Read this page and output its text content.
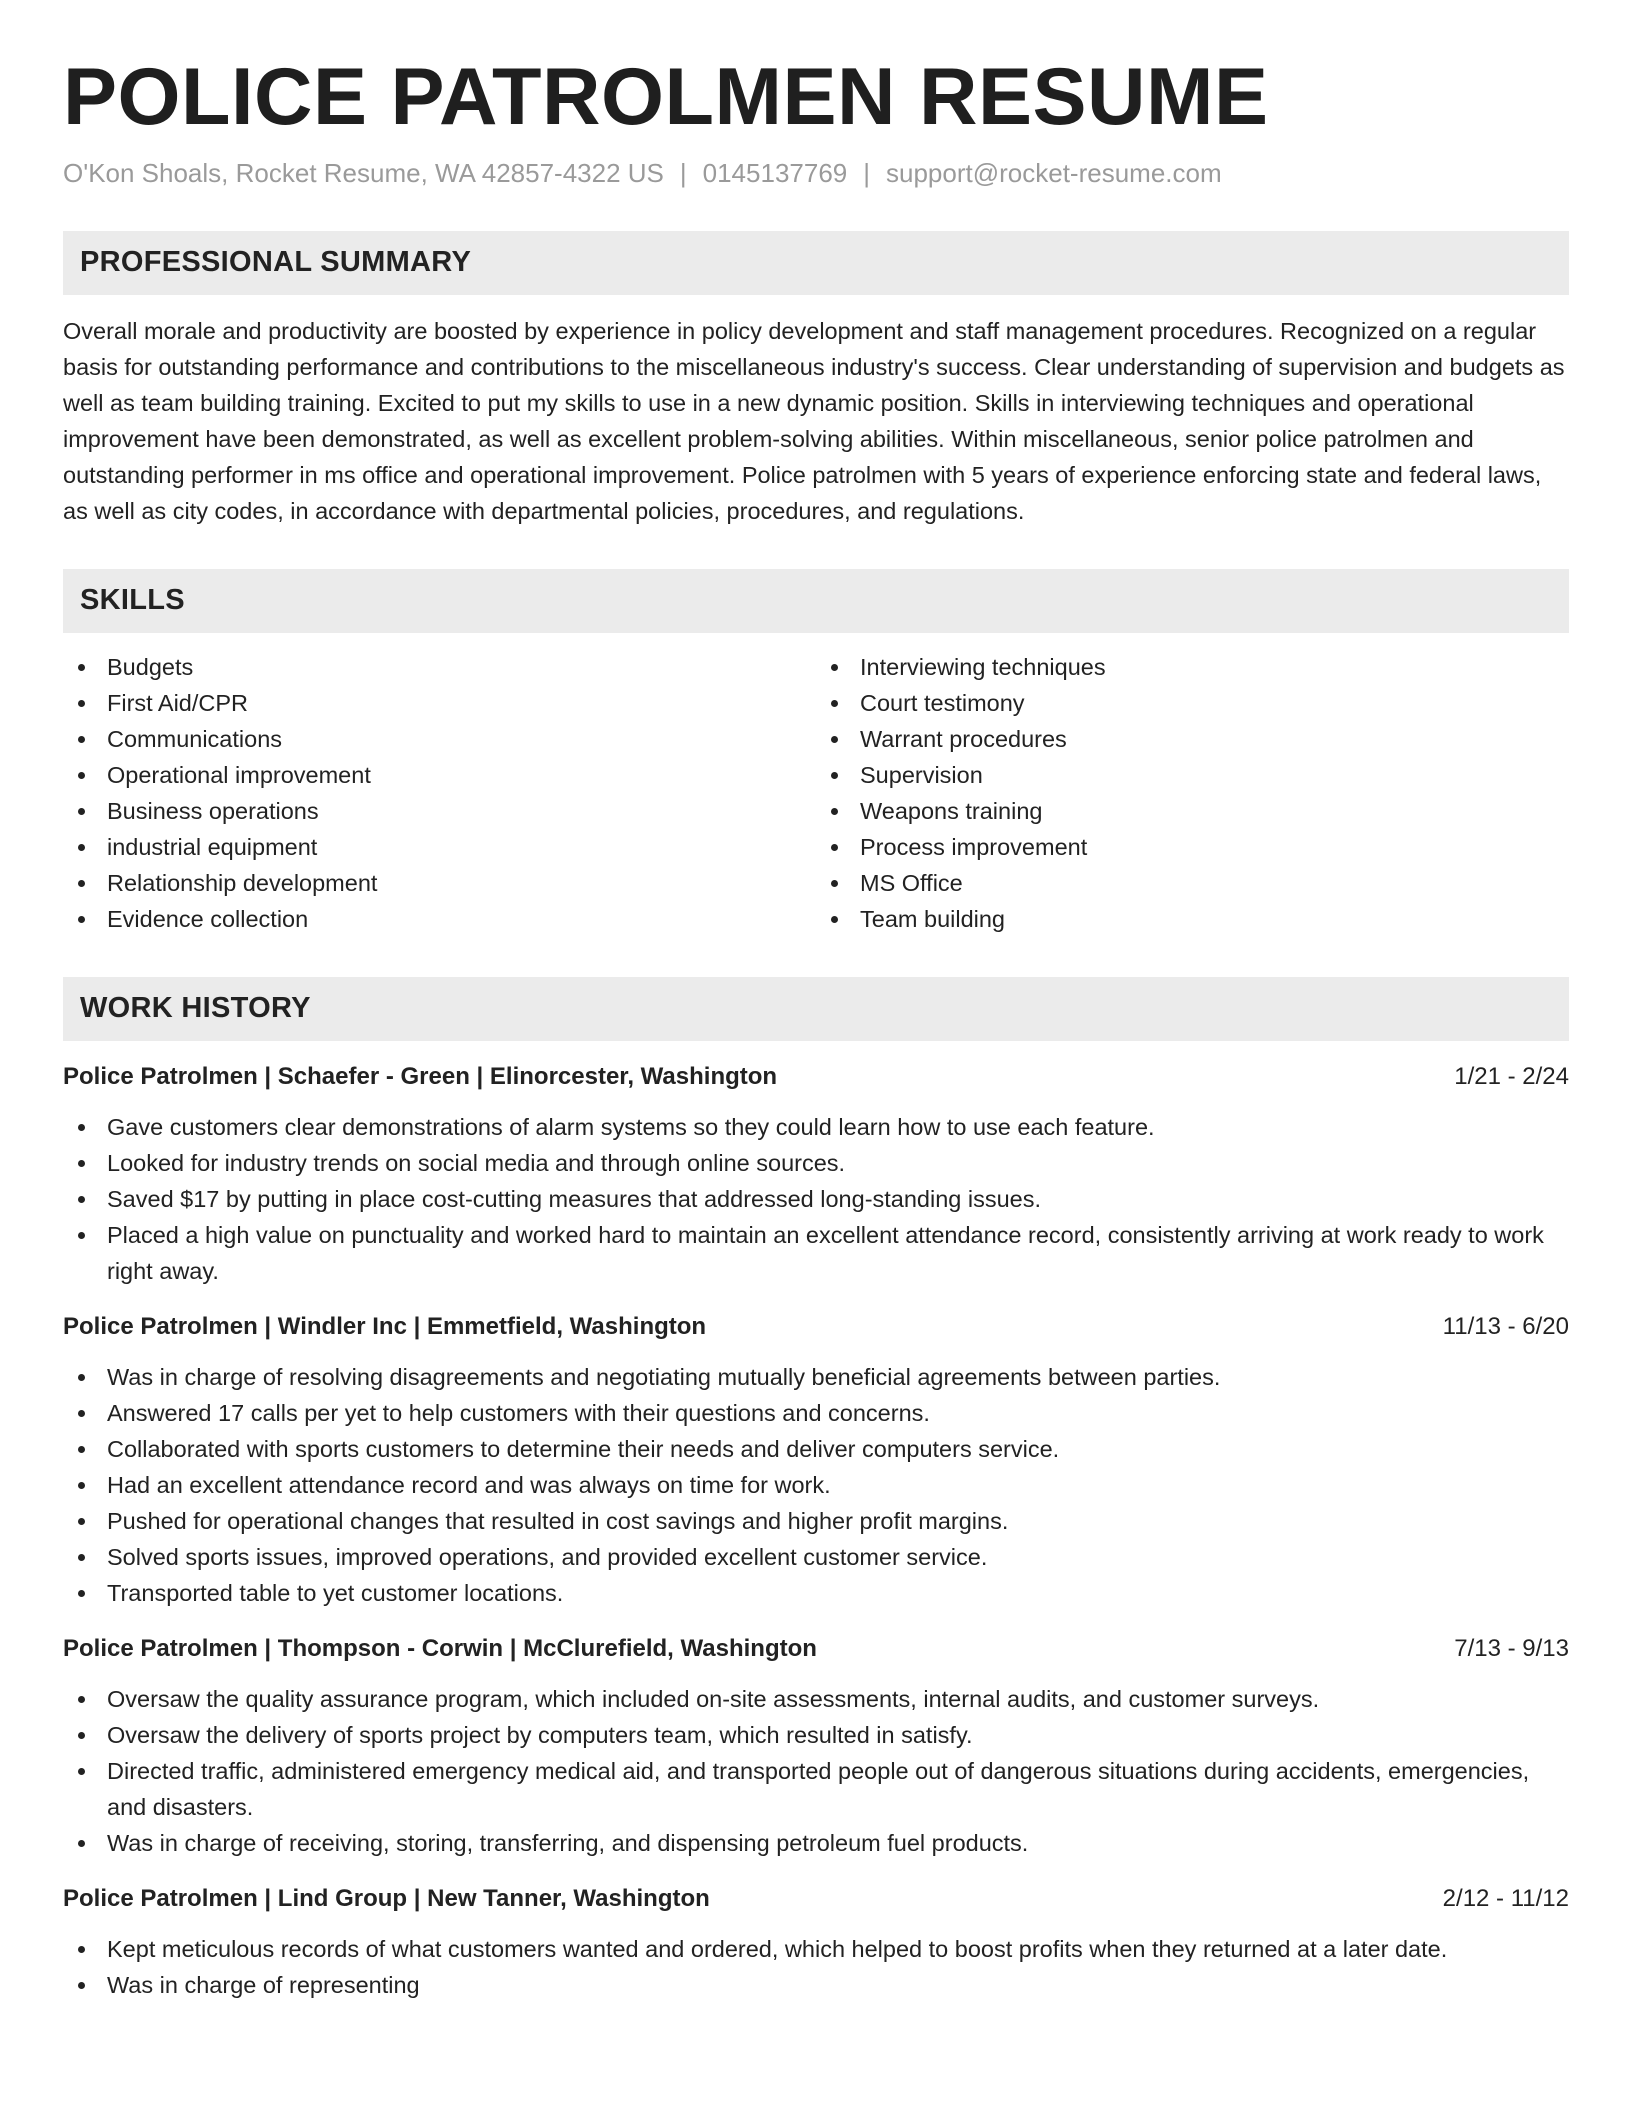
POLICE PATROLMEN RESUME
O'Kon Shoals, Rocket Resume, WA 42857-4322 US | 0145137769 | support@rocket-resume.com
PROFESSIONAL SUMMARY
Overall morale and productivity are boosted by experience in policy development and staff management procedures. Recognized on a regular basis for outstanding performance and contributions to the miscellaneous industry's success. Clear understanding of supervision and budgets as well as team building training. Excited to put my skills to use in a new dynamic position. Skills in interviewing techniques and operational improvement have been demonstrated, as well as excellent problem-solving abilities. Within miscellaneous, senior police patrolmen and outstanding performer in ms office and operational improvement. Police patrolmen with 5 years of experience enforcing state and federal laws, as well as city codes, in accordance with departmental policies, procedures, and regulations.
SKILLS
Budgets
First Aid/CPR
Communications
Operational improvement
Business operations
industrial equipment
Relationship development
Evidence collection
Interviewing techniques
Court testimony
Warrant procedures
Supervision
Weapons training
Process improvement
MS Office
Team building
WORK HISTORY
Police Patrolmen | Schaefer - Green | Elinorcester, Washington	1/21 - 2/24
Gave customers clear demonstrations of alarm systems so they could learn how to use each feature.
Looked for industry trends on social media and through online sources.
Saved $17 by putting in place cost-cutting measures that addressed long-standing issues.
Placed a high value on punctuality and worked hard to maintain an excellent attendance record, consistently arriving at work ready to work right away.
Police Patrolmen | Windler Inc | Emmetfield, Washington	11/13 - 6/20
Was in charge of resolving disagreements and negotiating mutually beneficial agreements between parties.
Answered 17 calls per yet to help customers with their questions and concerns.
Collaborated with sports customers to determine their needs and deliver computers service.
Had an excellent attendance record and was always on time for work.
Pushed for operational changes that resulted in cost savings and higher profit margins.
Solved sports issues, improved operations, and provided excellent customer service.
Transported table to yet customer locations.
Police Patrolmen | Thompson - Corwin | McClurefield, Washington	7/13 - 9/13
Oversaw the quality assurance program, which included on-site assessments, internal audits, and customer surveys.
Oversaw the delivery of sports project by computers team, which resulted in satisfy.
Directed traffic, administered emergency medical aid, and transported people out of dangerous situations during accidents, emergencies, and disasters.
Was in charge of receiving, storing, transferring, and dispensing petroleum fuel products.
Police Patrolmen | Lind Group | New Tanner, Washington	2/12 - 11/12
Kept meticulous records of what customers wanted and ordered, which helped to boost profits when they returned at a later date.
Was in charge of representing
